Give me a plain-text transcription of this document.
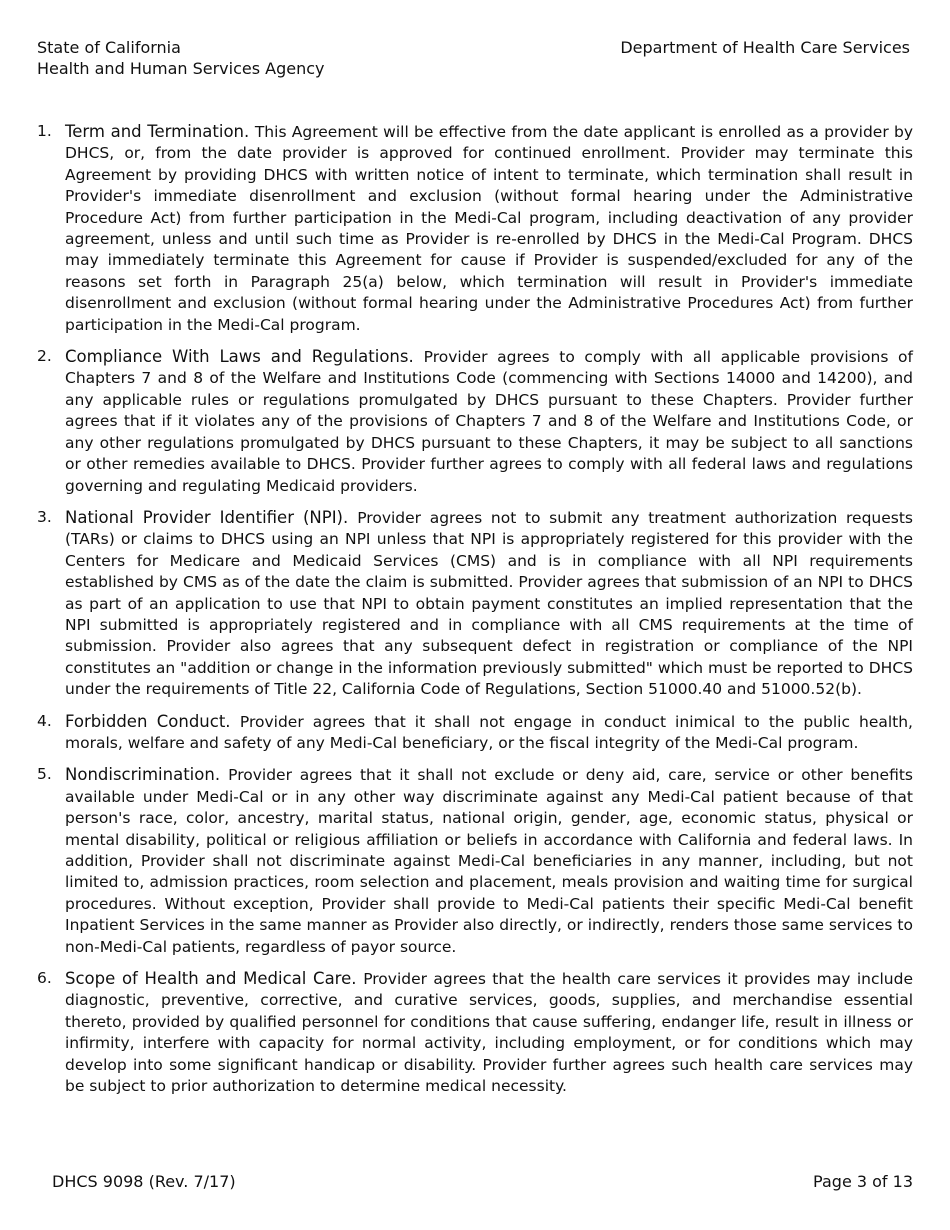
State of California
Health and Human Services Agency
Department of Health Care Services
1. Term and Termination. This Agreement will be effective from the date applicant is enrolled as a provider by DHCS, or, from the date provider is approved for continued enrollment. Provider may terminate this Agreement by providing DHCS with written notice of intent to terminate, which termination shall result in Provider's immediate disenrollment and exclusion (without formal hearing under the Administrative Procedure Act) from further participation in the Medi-Cal program, including deactivation of any provider agreement, unless and until such time as Provider is re-enrolled by DHCS in the Medi-Cal Program. DHCS may immediately terminate this Agreement for cause if Provider is suspended/excluded for any of the reasons set forth in Paragraph 25(a) below, which termination will result in Provider's immediate disenrollment and exclusion (without formal hearing under the Administrative Procedures Act) from further participation in the Medi-Cal program.
2. Compliance With Laws and Regulations. Provider agrees to comply with all applicable provisions of Chapters 7 and 8 of the Welfare and Institutions Code (commencing with Sections 14000 and 14200), and any applicable rules or regulations promulgated by DHCS pursuant to these Chapters. Provider further agrees that if it violates any of the provisions of Chapters 7 and 8 of the Welfare and Institutions Code, or any other regulations promulgated by DHCS pursuant to these Chapters, it may be subject to all sanctions or other remedies available to DHCS. Provider further agrees to comply with all federal laws and regulations governing and regulating Medicaid providers.
3. National Provider Identifier (NPI). Provider agrees not to submit any treatment authorization requests (TARs) or claims to DHCS using an NPI unless that NPI is appropriately registered for this provider with the Centers for Medicare and Medicaid Services (CMS) and is in compliance with all NPI requirements established by CMS as of the date the claim is submitted. Provider agrees that submission of an NPI to DHCS as part of an application to use that NPI to obtain payment constitutes an implied representation that the NPI submitted is appropriately registered and in compliance with all CMS requirements at the time of submission. Provider also agrees that any subsequent defect in registration or compliance of the NPI constitutes an "addition or change in the information previously submitted" which must be reported to DHCS under the requirements of Title 22, California Code of Regulations, Section 51000.40 and 51000.52(b).
4. Forbidden Conduct. Provider agrees that it shall not engage in conduct inimical to the public health, morals, welfare and safety of any Medi-Cal beneficiary, or the fiscal integrity of the Medi-Cal program.
5. Nondiscrimination. Provider agrees that it shall not exclude or deny aid, care, service or other benefits available under Medi-Cal or in any other way discriminate against any Medi-Cal patient because of that person's race, color, ancestry, marital status, national origin, gender, age, economic status, physical or mental disability, political or religious affiliation or beliefs in accordance with California and federal laws. In addition, Provider shall not discriminate against Medi-Cal beneficiaries in any manner, including, but not limited to, admission practices, room selection and placement, meals provision and waiting time for surgical procedures. Without exception, Provider shall provide to Medi-Cal patients their specific Medi-Cal benefit Inpatient Services in the same manner as Provider also directly, or indirectly, renders those same services to non-Medi-Cal patients, regardless of payor source.
6. Scope of Health and Medical Care. Provider agrees that the health care services it provides may include diagnostic, preventive, corrective, and curative services, goods, supplies, and merchandise essential thereto, provided by qualified personnel for conditions that cause suffering, endanger life, result in illness or infirmity, interfere with capacity for normal activity, including employment, or for conditions which may develop into some significant handicap or disability. Provider further agrees such health care services may be subject to prior authorization to determine medical necessity.
DHCS 9098 (Rev. 7/17)	Page 3 of 13
